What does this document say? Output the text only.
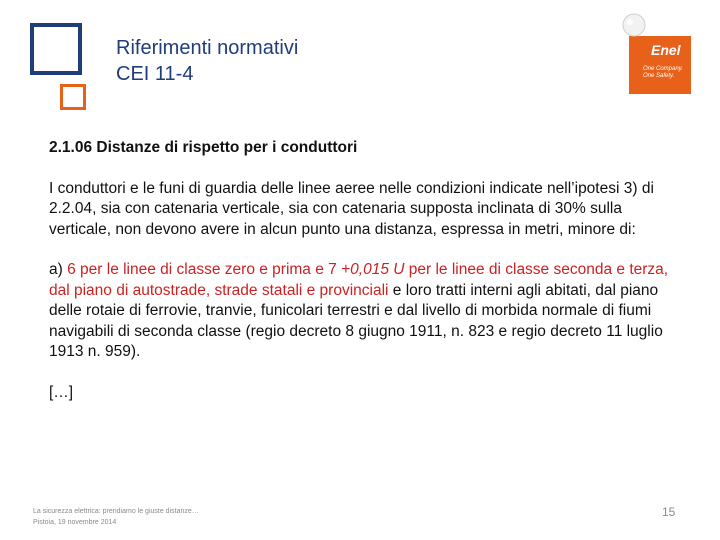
Riferimenti normativi
CEI 11-4
Enel
One Company. One Safety.
2.1.06 Distanze di rispetto per i conduttori
I conduttori e le funi di guardia delle linee aeree nelle condizioni indicate nell’ipotesi 3) di 2.2.04, sia con catenaria verticale, sia con catenaria supposta inclinata di 30% sulla verticale, non devono avere in alcun punto una distanza, espressa in metri, minore di:
a) 6 per le linee di classe zero e prima e 7 +0,015 U per le linee di classe seconda e terza, dal piano di autostrade, strade statali e provinciali e loro tratti interni agli abitati, dal piano delle rotaie di ferrovie, tranvie, funicolari terrestri e dal livello di morbida normale di fiumi navigabili di seconda classe (regio decreto 8 giugno 1911, n. 823 e regio decreto 11 luglio 1913 n. 959).
[…]
La sicurezza elettrica: prendiamo le giuste distanze…
Pistoia, 19 novembre 2014
15
